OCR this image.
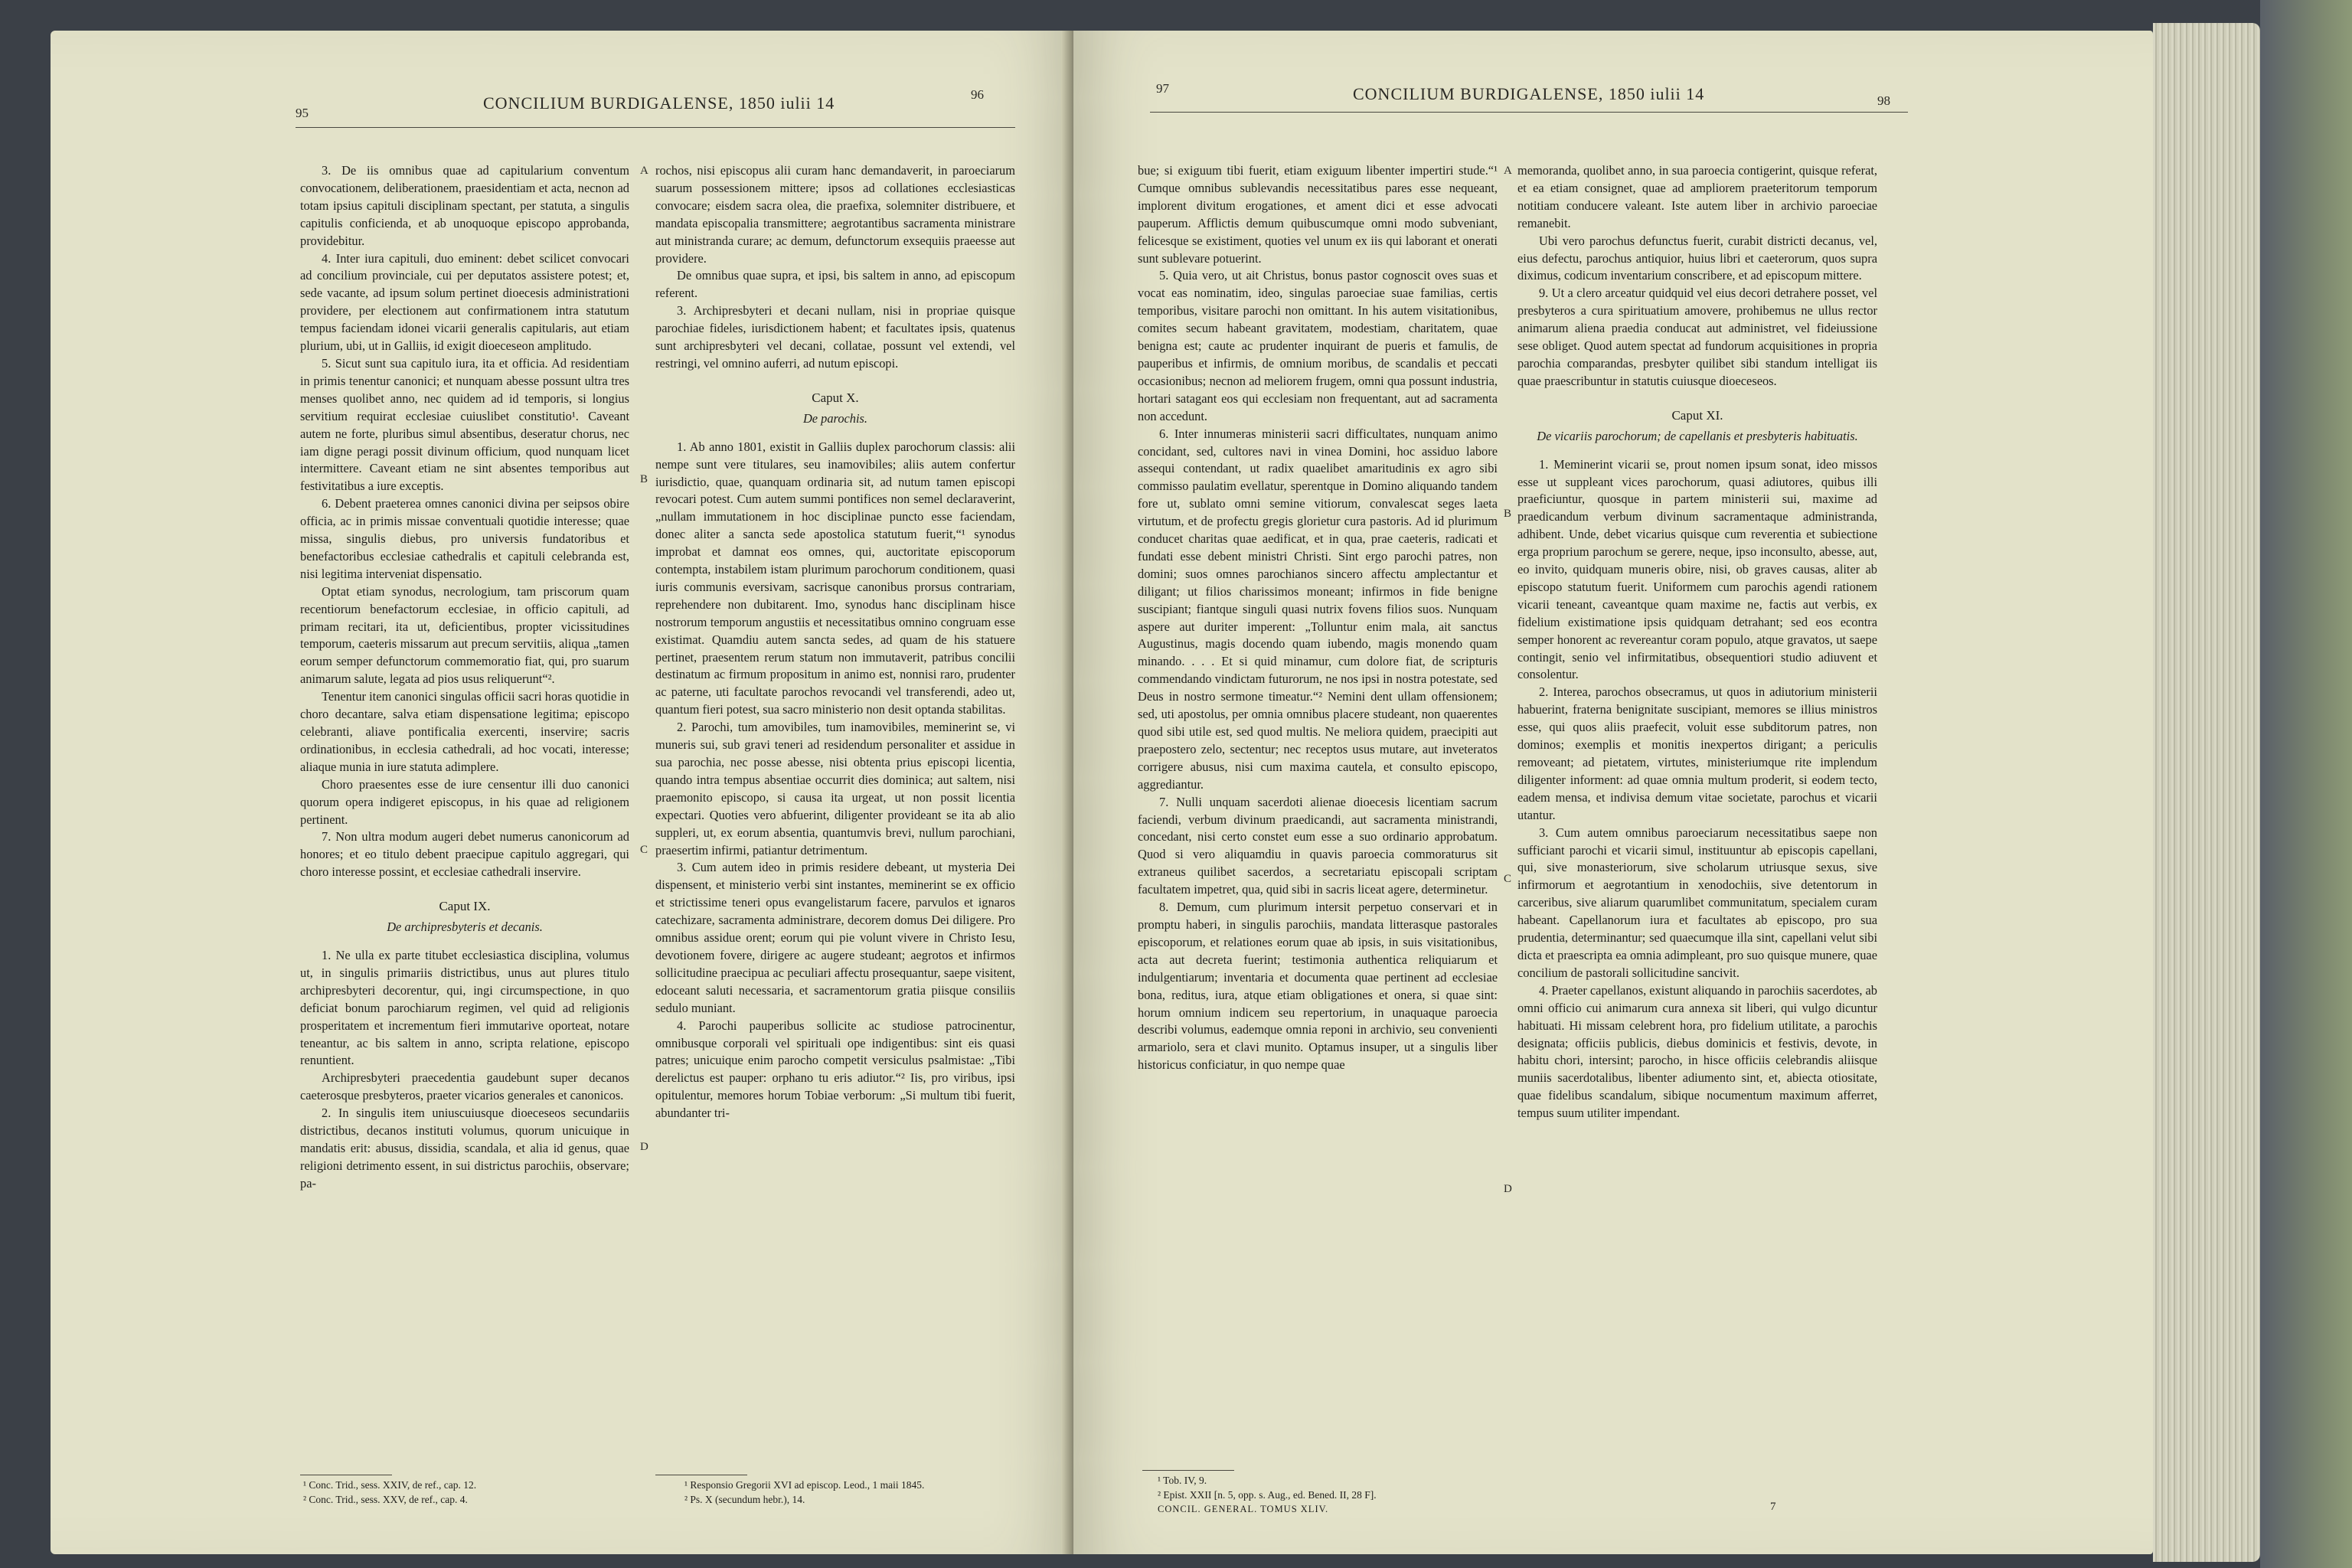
95
CONCILIUM BURDIGALENSE, 1850 iulii 14	96

3. De iis omnibus quae ad capitularium conventum convocationem, deliberationem, praesidentiam et acta, necnon ad totam ipsius capituli disciplinam spectant, per statuta, a singulis capitulis conficienda, et ab unoquoque episcopo approbanda, providebitur.

4. Inter iura capituli, duo eminent: debet scilicet convocari ad concilium provinciale, cui per deputatos assistere potest; et, sede vacante, ad ipsum solum pertinet dioecesis administrationi providere, per electionem aut confirmationem intra statutum tempus faciendam idonei vicarii generalis capitularis, aut etiam plurium, ubi, ut in Galliis, id exigit dioeceseon amplitudo.

5. Sicut sunt sua capitulo iura, ita et officia. Ad residentiam in primis tenentur canonici; et nunquam abesse possunt ultra tres menses quolibet anno, nec quidem ad id temporis, si longius servitium requirat ecclesiae cuiuslibet constitutio¹. Caveant autem ne forte, pluribus simul absentibus, deseratur chorus, nec iam digne peragi possit divinum officium, quod nunquam licet intermittere. Caveant etiam ne sint absentes temporibus aut festivitatibus a iure exceptis.

6. Debent praeterea omnes canonici divina per seipsos obire officia, ac in primis missae conventuali quotidie interesse; quae missa, singulis diebus, pro universis fundatoribus et benefactoribus ecclesiae cathedralis et capituli celebranda est, nisi legitima interveniat dispensatio.

Optat etiam synodus, necrologium, tam priscorum quam recentiorum benefactorum ecclesiae, in officio capituli, ad primam recitari, ita ut, deficientibus, propter vicissitudines temporum, caeteris missarum aut precum servitiis, aliqua „tamen eorum semper defunctorum commemoratio fiat, qui, pro suarum animarum salute, legata ad pios usus reliquerunt“².

Tenentur item canonici singulas officii sacri horas quotidie in choro decantare, salva etiam dispensatione legitima; episcopo celebranti, aliave pontificalia exercenti, inservire; sacris ordinationibus, in ecclesia cathedrali, ad hoc vocati, interesse; aliaque munia in iure statuta adimplere.

Choro praesentes esse de iure censentur illi duo canonici quorum opera indigeret episcopus, in his quae ad religionem pertinent.

7. Non ultra modum augeri debet numerus canonicorum ad honores; et eo titulo debent praecipue capitulo aggregari, qui choro interesse possint, et ecclesiae cathedrali inservire.

Caput IX.

De archipresbyteris et decanis.

1. Ne ulla ex parte titubet ecclesiastica disciplina, volumus ut, in singulis primariis districtibus, unus aut plures titulo archipresbyteri decorentur, qui, ingi circumspectione, in quo deficiat bonum parochiarum regimen, vel quid ad religionis prosperitatem et incrementum fieri immutarive oporteat, notare teneantur, ac bis saltem in anno, scripta relatione, episcopo renuntient.

Archipresbyteri praecedentia gaudebunt super decanos caeterosque presbyteros, praeter vicarios generales et canonicos.

2. In singulis item uniuscuiusque dioeceseos secundariis districtibus, decanos instituti volumus, quorum unicuique in mandatis erit: abusus, dissidia, scandala, et alia id genus, quae religioni detrimento essent, in sui districtus parochiis, observare; pa-

¹ Conc. Trid., sess. XXIV, de ref., cap. 12.

² Conc. Trid., sess. XXV, de ref., cap. 4.

A
B
C
D

rochos, nisi episcopus alii curam hanc demandaverit, in paroeciarum suarum possessionem mittere; ipsos ad collationes ecclesiasticas convocare; eisdem sacra olea, die praefixa, solemniter distribuere, et mandata episcopalia transmittere; aegrotantibus sacramenta ministrare aut ministranda curare; ac demum, defunctorum exsequiis praeesse aut providere.

De omnibus quae supra, et ipsi, bis saltem in anno, ad episcopum referent.

3. Archipresbyteri et decani nullam, nisi in propriae quisque parochiae fideles, iurisdictionem habent; et facultates ipsis, quatenus sunt archipresbyteri vel decani, collatae, possunt vel extendi, vel restringi, vel omnino auferri, ad nutum episcopi.

Caput X.

De parochis.

1. Ab anno 1801, existit in Galliis duplex parochorum classis: alii nempe sunt vere titulares, seu inamovibiles; aliis autem confertur iurisdictio, quae, quanquam ordinaria sit, ad nutum tamen episcopi revocari potest. Cum autem summi pontifices non semel declaraverint, „nullam immutationem in hoc disciplinae puncto esse faciendam, donec aliter a sancta sede apostolica statutum fuerit,“¹ synodus improbat et damnat eos omnes, qui, auctoritate episcoporum contempta, instabilem istam plurimum parochorum conditionem, quasi iuris communis eversivam, sacrisque canonibus prorsus contrariam, reprehendere non dubitarent. Imo, synodus hanc disciplinam hisce nostrorum temporum angustiis et necessitatibus omnino congruam esse existimat. Quamdiu autem sancta sedes, ad quam de his statuere pertinet, praesentem rerum statum non immutaverit, patribus concilii destinatum ac firmum propositum in animo est, nonnisi raro, prudenter ac paterne, uti facultate parochos revocandi vel transferendi, adeo ut, quantum fieri potest, sua sacro ministerio non desit optanda stabilitas.

2. Parochi, tum amovibiles, tum inamovibiles, meminerint se, vi muneris sui, sub gravi teneri ad residendum personaliter et assidue in sua parochia, nec posse abesse, nisi obtenta prius episcopi licentia, quando intra tempus absentiae occurrit dies dominica; aut saltem, nisi praemonito episcopo, si causa ita urgeat, ut non possit licentia expectari. Quoties vero abfuerint, diligenter provideant se ita ab alio suppleri, ut, ex eorum absentia, quantumvis brevi, nullum parochiani, praesertim infirmi, patiantur detrimentum.

3. Cum autem ideo in primis residere debeant, ut mysteria Dei dispensent, et ministerio verbi sint instantes, meminerint se ex officio et strictissime teneri opus evangelistarum facere, parvulos et ignaros catechizare, sacramenta administrare, decorem domus Dei diligere. Pro omnibus assidue orent; eorum qui pie volunt vivere in Christo Iesu, devotionem fovere, dirigere ac augere studeant; aegrotos et infirmos sollicitudine praecipua ac peculiari affectu prosequantur, saepe visitent, edoceant saluti necessaria, et sacramentorum gratia piisque consiliis sedulo muniant.

4. Parochi pauperibus sollicite ac studiose patrocinentur, omnibusque corporali vel spirituali ope indigentibus: sint eis quasi patres; unicuique enim parocho competit versiculus psalmistae: „Tibi derelictus est pauper: orphano tu eris adiutor.“² Iis, pro viribus, ipsi opitulentur, memores horum Tobiae verborum: „Si multum tibi fuerit, abundanter tri-

¹ Responsio Gregorii XVI ad episcop. Leod., 1 maii 1845.

² Ps. X (secundum hebr.), 14.

97	CONCILIUM BURDIGALENSE, 1850 iulii 14	98

bue; si exiguum tibi fuerit, etiam exiguum libenter impertiri stude.“¹ Cumque omnibus sublevandis necessitatibus pares esse nequeant, implorent divitum erogationes, et ament dici et esse advocati pauperum. Afflictis demum quibuscumque omni modo subveniant, felicesque se existiment, quoties vel unum ex iis qui laborant et onerati sunt sublevare potuerint.

5. Quia vero, ut ait Christus, bonus pastor cognoscit oves suas et vocat eas nominatim, ideo, singulas paroeciae suae familias, certis temporibus, visitare parochi non omittant. In his autem visitationibus, comites secum habeant gravitatem, modestiam, charitatem, quae benigna est; caute ac prudenter inquirant de pueris et famulis, de pauperibus et infirmis, de omnium moribus, de scandalis et peccati occasionibus; necnon ad meliorem frugem, omni qua possunt industria, hortari satagant eos qui ecclesiam non frequentant, aut ad sacramenta non accedunt.

6. Inter innumeras ministerii sacri difficultates, nunquam animo concidant, sed, cultores navi in vinea Domini, hoc assiduo labore assequi contendant, ut radix quaelibet amaritudinis ex agro sibi commisso paulatim evellatur, sperentque in Domino aliquando tandem fore ut, sublato omni semine vitiorum, convalescat seges laeta virtutum, et de profectu gregis glorietur cura pastoris. Ad id plurimum conducet charitas quae aedificat, et in qua, prae caeteris, radicati et fundati esse debent ministri Christi. Sint ergo parochi patres, non domini; suos omnes parochianos sincero affectu amplectantur et diligant; ut filios charissimos moneant; infirmos in fide benigne suscipiant; fiantque singuli quasi nutrix fovens filios suos. Nunquam aspere aut duriter imperent: „Tolluntur enim mala, ait sanctus Augustinus, magis docendo quam iubendo, magis monendo quam minando. . . . Et si quid minamur, cum dolore fiat, de scripturis commendando vindictam futurorum, ne nos ipsi in nostra potestate, sed Deus in nostro sermone timeatur.“² Nemini dent ullam offensionem; sed, uti apostolus, per omnia omnibus placere studeant, non quaerentes quod sibi utile est, sed quod multis. Ne meliora quidem, praecipiti aut praepostero zelo, sectentur; nec receptos usus mutare, aut inveteratos corrigere abusus, nisi cum maxima cautela, et consulto episcopo, aggrediantur.

7. Nulli unquam sacerdoti alienae dioecesis licentiam sacrum faciendi, verbum divinum praedicandi, aut sacramenta ministrandi, concedant, nisi certo constet eum esse a suo ordinario approbatum. Quod si vero aliquamdiu in quavis paroecia commoraturus sit extraneus quilibet sacerdos, a secretariatu episcopali scriptam facultatem impetret, qua, quid sibi in sacris liceat agere, determinetur.

8. Demum, cum plurimum intersit perpetuo conservari et in promptu haberi, in singulis parochiis, mandata litterasque pastorales episcoporum, et relationes eorum quae ab ipsis, in suis visitationibus, acta aut decreta fuerint; testimonia authentica reliquiarum et indulgentiarum; inventaria et documenta quae pertinent ad ecclesiae bona, reditus, iura, atque etiam obligationes et onera, si quae sint: horum omnium indicem seu repertorium, in unaquaque paroecia describi volumus, eademque omnia reponi in archivio, seu convenienti armariolo, sera et clavi munito. Optamus insuper, ut a singulis liber historicus conficiatur, in quo nempe quae

¹ Tob. IV, 9.

² Epist. XXII [n. 5, opp. s. Aug., ed. Bened. II, 28 F].

CONCIL. GENERAL. TOMUS XLIV.

A
B
C
D

memoranda, quolibet anno, in sua paroecia contigerint, quisque referat, et ea etiam consignet, quae ad ampliorem praeteritorum temporum notitiam conducere valeant. Iste autem liber in archivio paroeciae remanebit.

Ubi vero parochus defunctus fuerit, curabit districti decanus, vel, eius defectu, parochus antiquior, huius libri et caeterorum, quos supra diximus, codicum inventarium conscribere, et ad episcopum mittere.

9. Ut a clero arceatur quidquid vel eius decori detrahere posset, vel presbyteros a cura spirituatium amovere, prohibemus ne ullus rector animarum aliena praedia conducat aut administret, vel fideiussione sese obliget. Quod autem spectat ad fundorum acquisitiones in propria parochia comparandas, presbyter quilibet sibi standum intelligat iis quae praescribuntur in statutis cuiusque dioeceseos.

Caput XI.

De vicariis parochorum; de capellanis et presbyteris habituatis.

1. Meminerint vicarii se, prout nomen ipsum sonat, ideo missos esse ut suppleant vices parochorum, quasi adiutores, quibus illi praeficiuntur, quosque in partem ministerii sui, maxime ad praedicandum verbum divinum sacramentaque administranda, adhibent. Unde, debet vicarius quisque cum reverentia et subiectione erga proprium parochum se gerere, neque, ipso inconsulto, abesse, aut, eo invito, quidquam muneris obire, nisi, ob graves causas, aliter ab episcopo statutum fuerit. Uniformem cum parochis agendi rationem vicarii teneant, caveantque quam maxime ne, factis aut verbis, ex fidelium existimatione ipsis quidquam detrahant; sed eos econtra semper honorent ac revereantur coram populo, atque gravatos, ut saepe contingit, senio vel infirmitatibus, obsequentiori studio adiuvent et consolentur.

2. Interea, parochos obsecramus, ut quos in adiutorium ministerii habuerint, fraterna benignitate suscipiant, memores se illius ministros esse, qui quos aliis praefecit, voluit esse subditorum patres, non dominos; exemplis et monitis inexpertos dirigant; a periculis removeant; ad pietatem, virtutes, ministeriumque rite implendum diligenter informent: ad quae omnia multum proderit, si eodem tecto, eadem mensa, et indivisa demum vitae societate, parochus et vicarii utantur.

3. Cum autem omnibus paroeciarum necessitatibus saepe non sufficiant parochi et vicarii simul, instituuntur ab episcopis capellani, qui, sive monasteriorum, sive scholarum utriusque sexus, sive infirmorum et aegrotantium in xenodochiis, sive detentorum in carceribus, sive aliarum quarumlibet communitatum, specialem curam habeant. Capellanorum iura et facultates ab episcopo, pro sua prudentia, determinantur; sed quaecumque illa sint, capellani velut sibi dicta et praescripta ea omnia adimpleant, pro suo quisque munere, quae concilium de pastorali sollicitudine sancivit.

4. Praeter capellanos, existunt aliquando in parochiis sacerdotes, ab omni officio cui animarum cura annexa sit liberi, qui vulgo dicuntur habituati. Hi missam celebrent hora, pro fidelium utilitate, a parochis designata; officiis publicis, diebus dominicis et festivis, devote, in habitu chori, intersint; parocho, in hisce officiis celebrandis aliisque muniis sacerdotalibus, libenter adiumento sint, et, abiecta otiositate, quae fidelibus scandalum, sibique nocumentum maximum afferret, tempus suum utiliter impendant.

7
